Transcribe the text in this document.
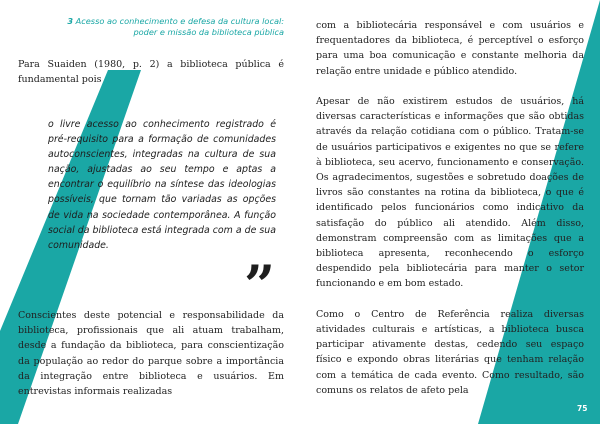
3 Acesso ao conhecimento e defesa da cultura local:
poder e missão da biblioteca pública

Para Suaiden (1980, p. 2) a biblioteca pública é fundamental pois

“

o livre acesso ao conhecimento registrado é pré-requisito para a formação de comunidades autoconscientes, integradas na cultura de sua nação, ajustadas ao seu tempo e aptas a encontrar o equilíbrio na síntese das ideologias possíveis, que tornam tão variadas as opções de vida na sociedade contemporânea. A função social da biblioteca está integrada com a de sua comunidade.

”

Conscientes deste potencial e responsabilidade da biblioteca, profissionais que ali atuam trabalham, desde a fundação da biblioteca, para conscientização da população ao redor do parque sobre a importância da integração entre biblioteca e usuários. Em entrevistas informais realizadas

com a bibliotecária responsável e com usuários e frequentadores da biblioteca, é perceptível o esforço para uma boa comunicação e constante melhoria da relação entre unidade e público atendido.

Apesar de não existirem estudos de usuários, há diversas características e informações que são obtidas através da relação cotidiana com o público. Tratam-se de usuários participativos e exigentes no que se refere à biblioteca, seu acervo, funcionamento e conservação. Os agradecimentos, sugestões e sobretudo doações de livros são constantes na rotina da biblioteca, o que é identificado pelos funcionários como indicativo da satisfação do público ali atendido. Além disso, demonstram compreensão com as limitações que a biblioteca apresenta, reconhecendo o esforço despendido pela bibliotecária para manter o setor funcionando e em bom estado.

Como o Centro de Referência realiza diversas atividades culturais e artísticas, a biblioteca busca participar ativamente destas, cedendo seu espaço físico e expondo obras literárias que tenham relação com a temática de cada evento. Como resultado, são comuns os relatos de afeto pela

75
